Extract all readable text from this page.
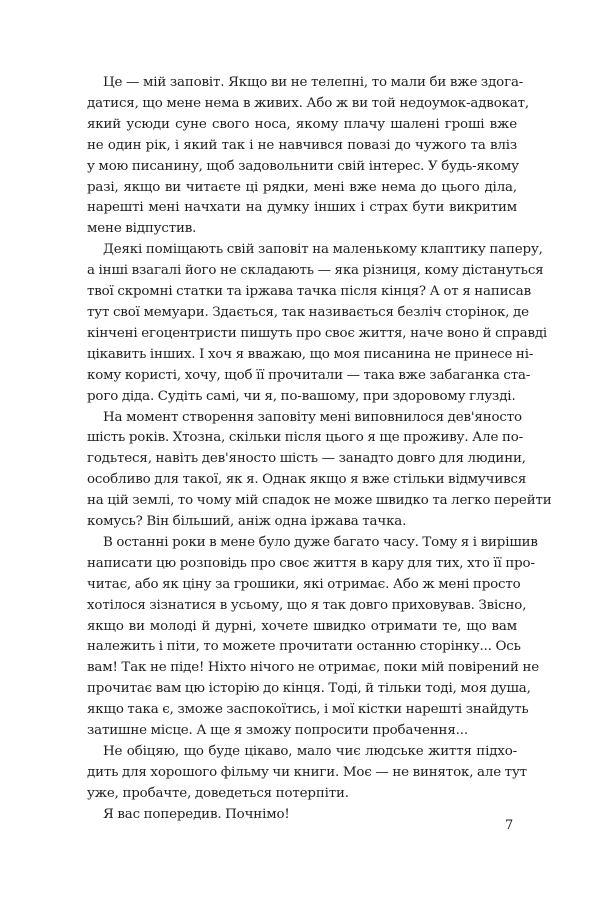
Це — мій заповіт. Якщо ви не телепні, то мали би вже здога-
датися, що мене нема в живих. Або ж ви той недоумок-адвокат,
який усюди суне свого носа, якому плачу шалені гроші вже
не один рік, і який так і не навчився повазі до чужого та вліз
у мою писанину, щоб задовольнити свій інтерес. У будь-якому
разі, якщо ви читаєте ці рядки, мені вже нема до цього діла,
нарешті мені начхати на думку інших і страх бути викритим
мене відпустив.

Деякі поміщають свій заповіт на маленькому клаптику паперу,
а інші взагалі його не складають — яка різниця, кому дістануться
твої скромні статки та іржава тачка після кінця? А от я написав
тут свої мемуари. Здається, так називається безліч сторінок, де
кінчені егоцентристи пишуть про своє життя, наче воно й справді
цікавить інших. І хоч я вважаю, що моя писанина не принесе ні-
кому користі, хочу, щоб її прочитали — така вже забаганка ста-
рого діда. Судіть самі, чи я, по-вашому, при здоровому глузді.

На момент створення заповіту мені виповнилося дев'яносто
шість років. Хтозна, скільки після цього я ще проживу. Але по-
годьтеся, навіть дев'яносто шість — занадто довго для людини,
особливо для такої, як я. Однак якщо я вже стільки відмучився
на цій землі, то чому мій спадок не може швидко та легко перейти
комусь? Він більший, аніж одна іржава тачка.

В останні роки в мене було дуже багато часу. Тому я і вирішив
написати цю розповідь про своє життя в кару для тих, хто її про-
читає, або як ціну за грошики, які отримає. Або ж мені просто
хотілося зізнатися в усьому, що я так довго приховував. Звісно,
якщо ви молоді й дурні, хочете швидко отримати те, що вам
належить і піти, то можете прочитати останню сторінку... Ось
вам! Так не піде! Ніхто нічого не отримає, поки мій повірений не
прочитає вам цю історію до кінця. Тоді, й тільки тоді, моя душа,
якщо така є, зможе заспокоїтись, і мої кістки нарешті знайдуть
затишне місце. А ще я зможу попросити пробачення...

Не обіцяю, що буде цікаво, мало чиє людське життя підхо-
дить для хорошого фільму чи книги. Моє — не виняток, але тут
уже, пробачте, доведеться потерпіти.

Я вас попередив. Почнімо!

7
